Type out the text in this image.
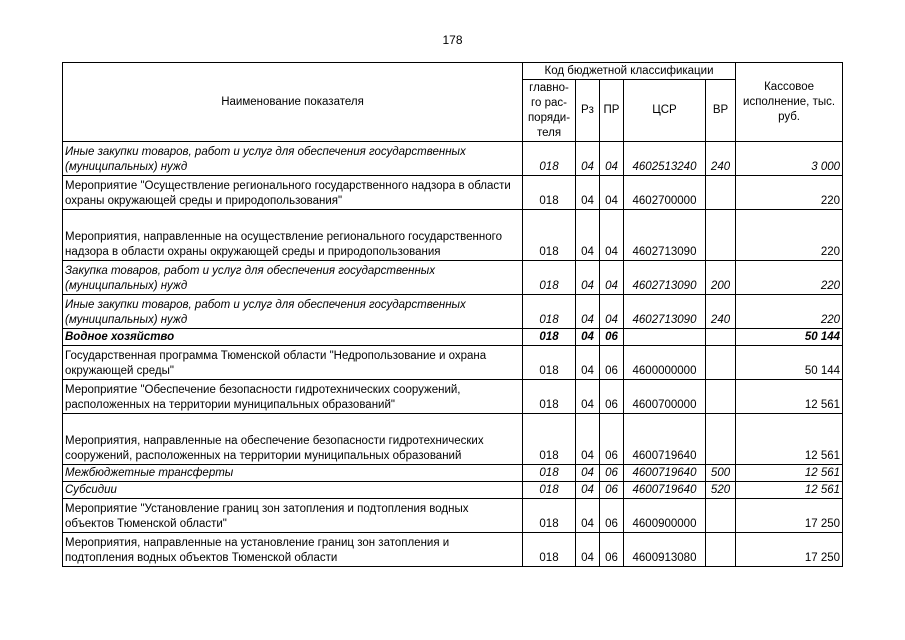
178
Наименование показателя	Код бюджетной классификации					Кассовое исполнение, тыс. руб.
	главно-го рас-поряди-теля	Рз	ПР	ЦСР	ВР	
Иные закупки товаров, работ и услуг для обеспечения государственных (муниципальных) нужд	018	04	04	4602513240	240	3 000
Мероприятие "Осуществление регионального государственного надзора в области охраны окружающей среды и природопользования"	018	04	04	4602700000		220
Мероприятия, направленные на осуществление регионального государственного надзора в области охраны окружающей среды и природопользования	018	04	04	4602713090		220
Закупка товаров, работ и услуг для обеспечения государственных (муниципальных) нужд	018	04	04	4602713090	200	220
Иные закупки товаров, работ и услуг для обеспечения государственных (муниципальных) нужд	018	04	04	4602713090	240	220
Водное хозяйство	018	04	06			50 144
Государственная программа Тюменской области "Недропользование и охрана окружающей среды"	018	04	06	4600000000		50 144
Мероприятие "Обеспечение безопасности гидротехнических сооружений, расположенных на территории муниципальных образований"	018	04	06	4600700000		12 561
Мероприятия, направленные на обеспечение безопасности гидротехнических сооружений, расположенных на территории муниципальных образований	018	04	06	4600719640		12 561
Межбюджетные трансферты	018	04	06	4600719640	500	12 561
Субсидии	018	04	06	4600719640	520	12 561
Мероприятие "Установление границ зон затопления и подтопления водных объектов Тюменской области"	018	04	06	4600900000		17 250
Мероприятия, направленные на установление границ зон затопления и подтопления водных объектов Тюменской области	018	04	06	4600913080		17 250
